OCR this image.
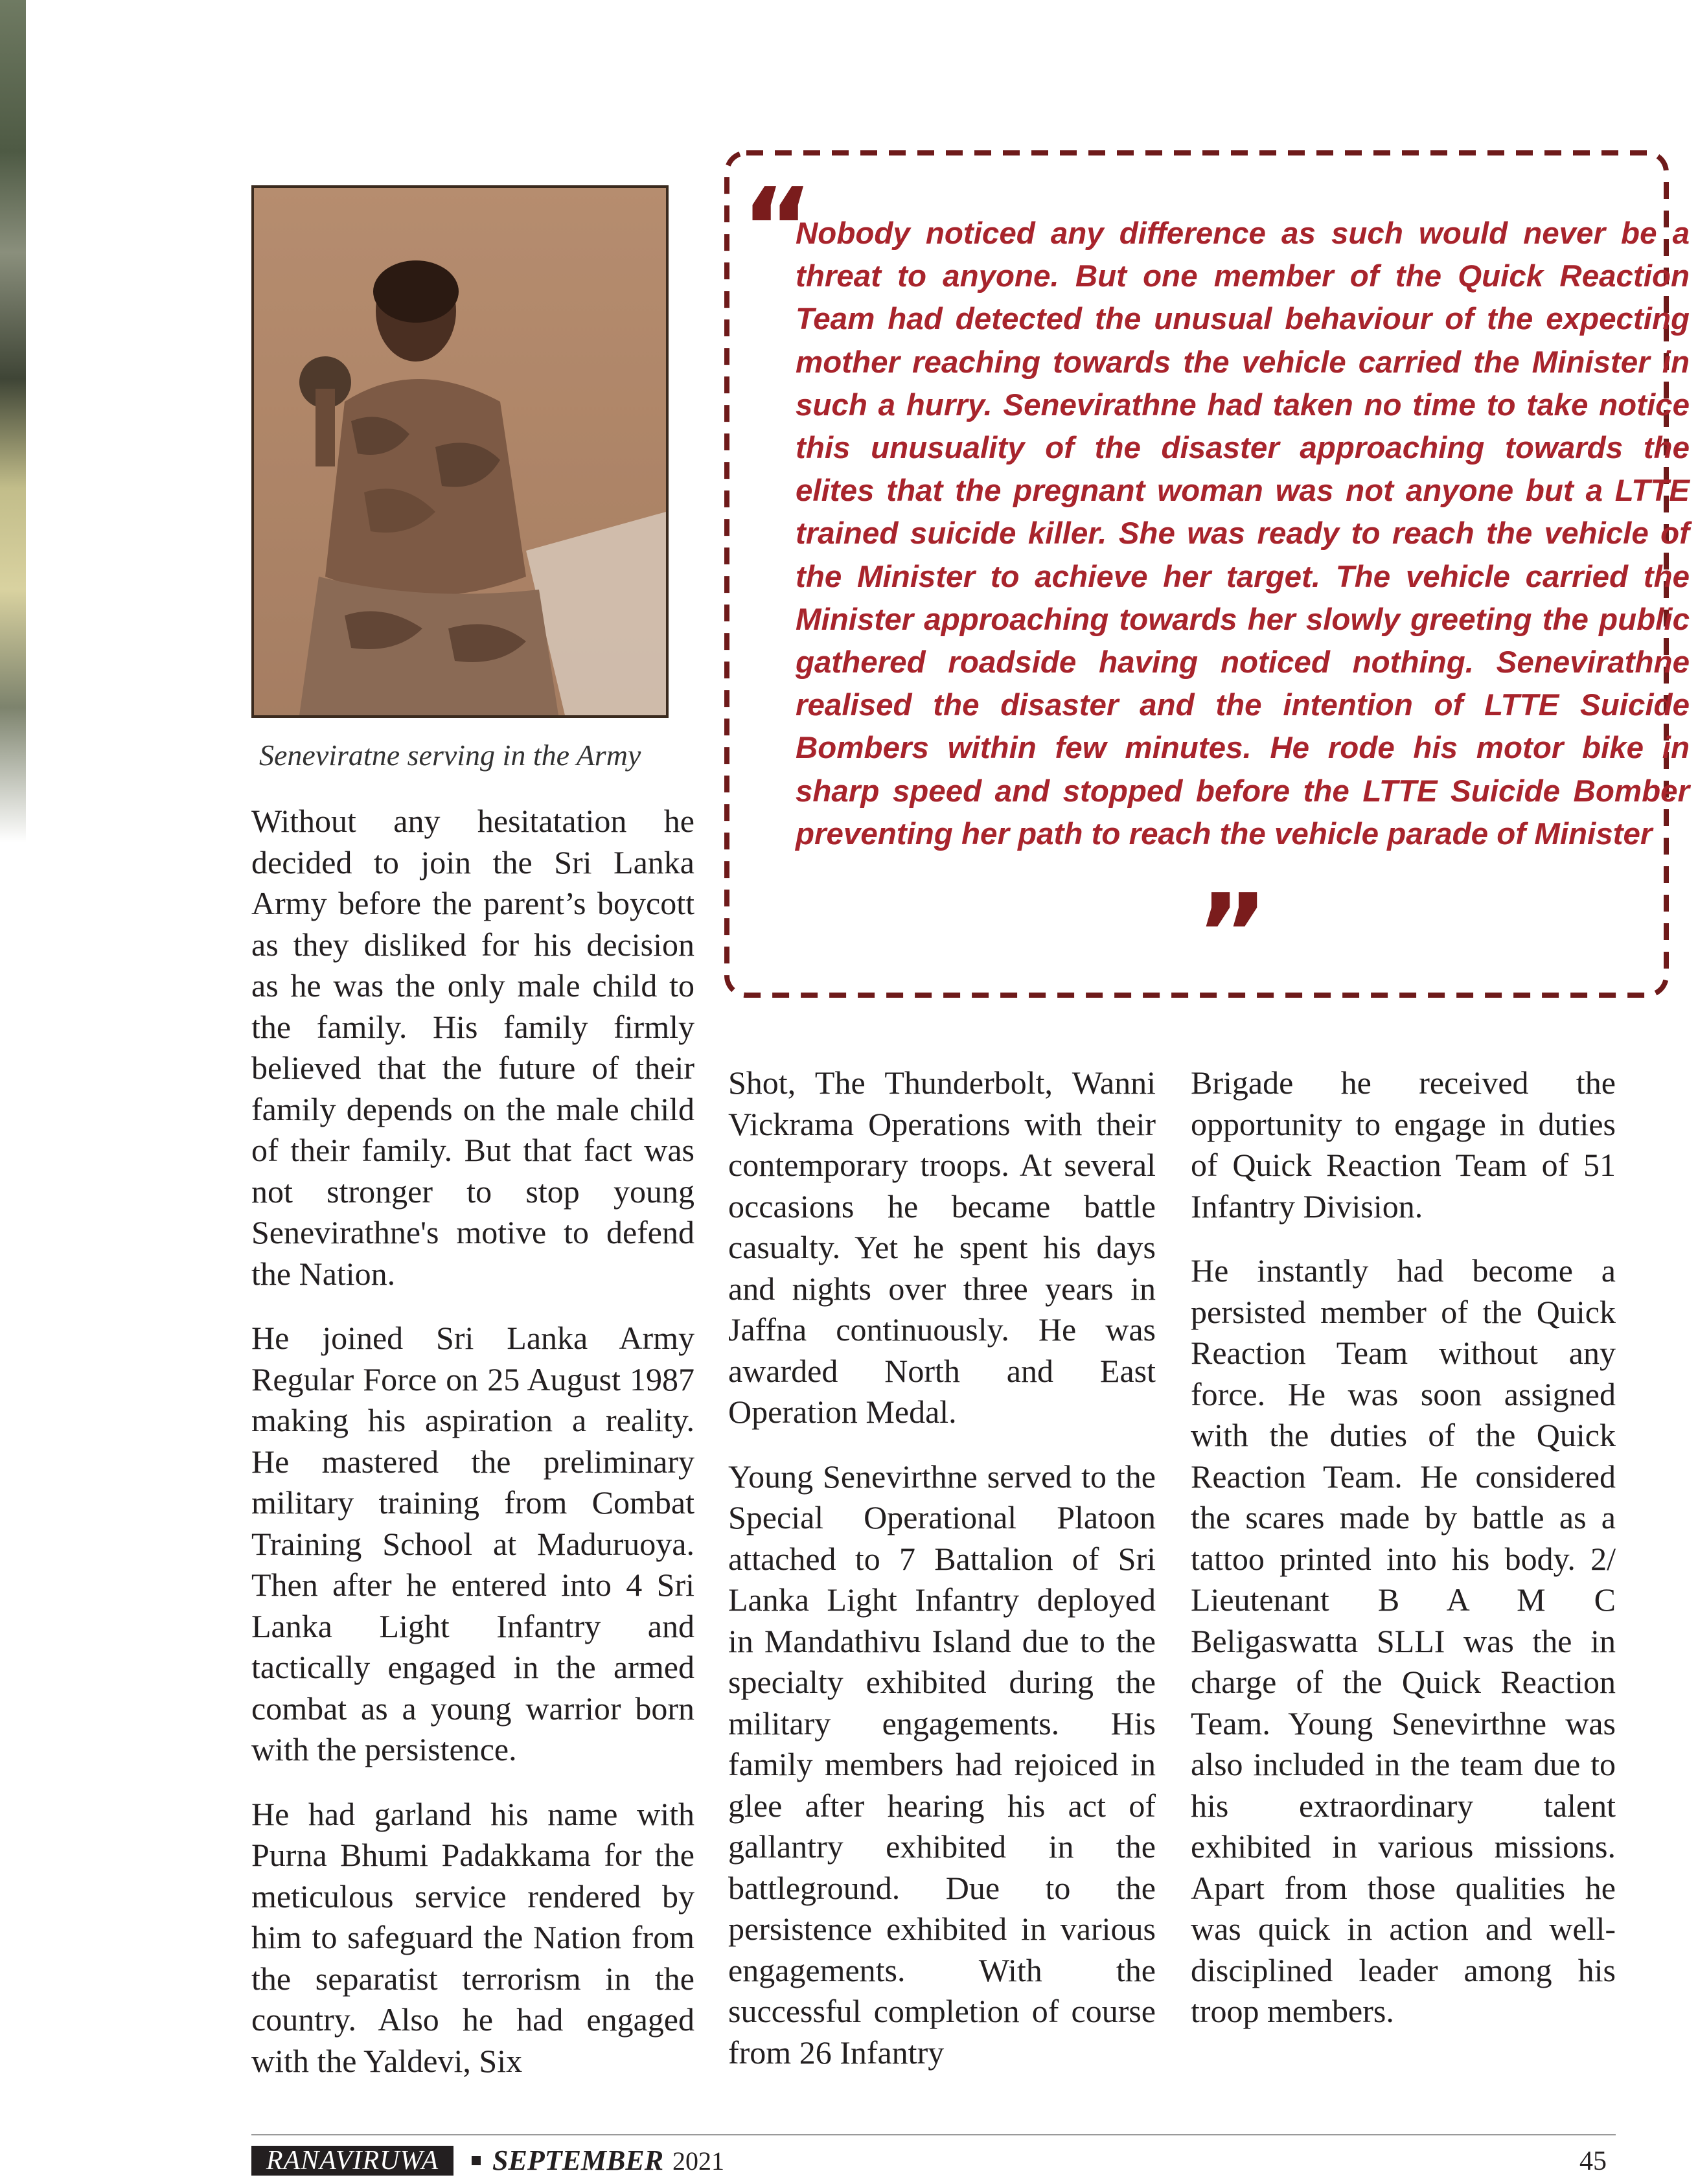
Seneviratne serving in the Army

Without any hesitatation he decided to join the Sri Lanka Army before the parent’s boycott as they disliked for his decision as he was the only male child to the family. His family firmly believed that the future of their family depends on the male child of their family. But that fact was not stronger to stop young Senevirathne's motive to defend the Nation.

He joined Sri Lanka Army Regular Force on 25 August 1987 making his aspiration a reality. He mastered the preliminary military training from Combat Training School at Maduruoya. Then after he entered into 4 Sri Lanka Light Infantry and tactically engaged in the armed combat as a young warrior born with the persistence.

He had garland his name with Purna Bhumi Padakkama for the meticulous service rendered by him to safeguard the Nation from the separatist terrorism in the country. Also he had engaged with the Yaldevi, Six

“
Nobody noticed any difference as such would never be a threat to anyone. But one member of the Quick Reaction Team had detected the unusual behaviour of the expecting mother reaching towards the vehicle carried the Minister in such a hurry. Senevirathne had taken no time to take notice this unusuality of the disaster approaching towards the elites that the pregnant woman was not anyone but a LTTE trained suicide killer. She was ready to reach the vehicle of the Minister to achieve her target. The vehicle carried the Minister approaching towards her slowly greeting the public gathered roadside having noticed nothing. Senevirathne realised the disaster and the intention of LTTE Suicide Bombers within few minutes. He rode his motor bike in sharp speed and stopped before the LTTE Suicide Bomber preventing her path to reach the vehicle parade of Minister
”

Shot, The Thunderbolt, Wanni Vickrama Operations with their contemporary troops. At several occasions he became battle casualty. Yet he spent his days and nights over three years in Jaffna continuously. He was awarded North and East Operation Medal.

Young Senevirthne served to the Special Operational Platoon attached to 7 Battalion of Sri Lanka Light Infantry deployed in Mandathivu Island due to the specialty exhibited during the military engagements. His family members had rejoiced in glee after hearing his act of gallantry exhibited in the battleground. Due to the persistence exhibited in various engagements. With the successful completion of course from 26 Infantry

Brigade he received the opportunity to engage in duties of Quick Reaction Team of 51 Infantry Division.

He instantly had become a persisted member of the Quick Reaction Team without any force. He was soon assigned with the duties of the Quick Reaction Team. He considered the scares made by battle as a tattoo printed into his body. 2/ Lieutenant B A M C Beligaswatta SLLI was the in charge of the Quick Reaction Team. Young Senevirthne was also included in the team due to his extraordinary talent exhibited in various missions. Apart from those qualities he was quick in action and well-disciplined leader among his troop members.

RANAVIRUWA	SEPTEMBER 2021	45
